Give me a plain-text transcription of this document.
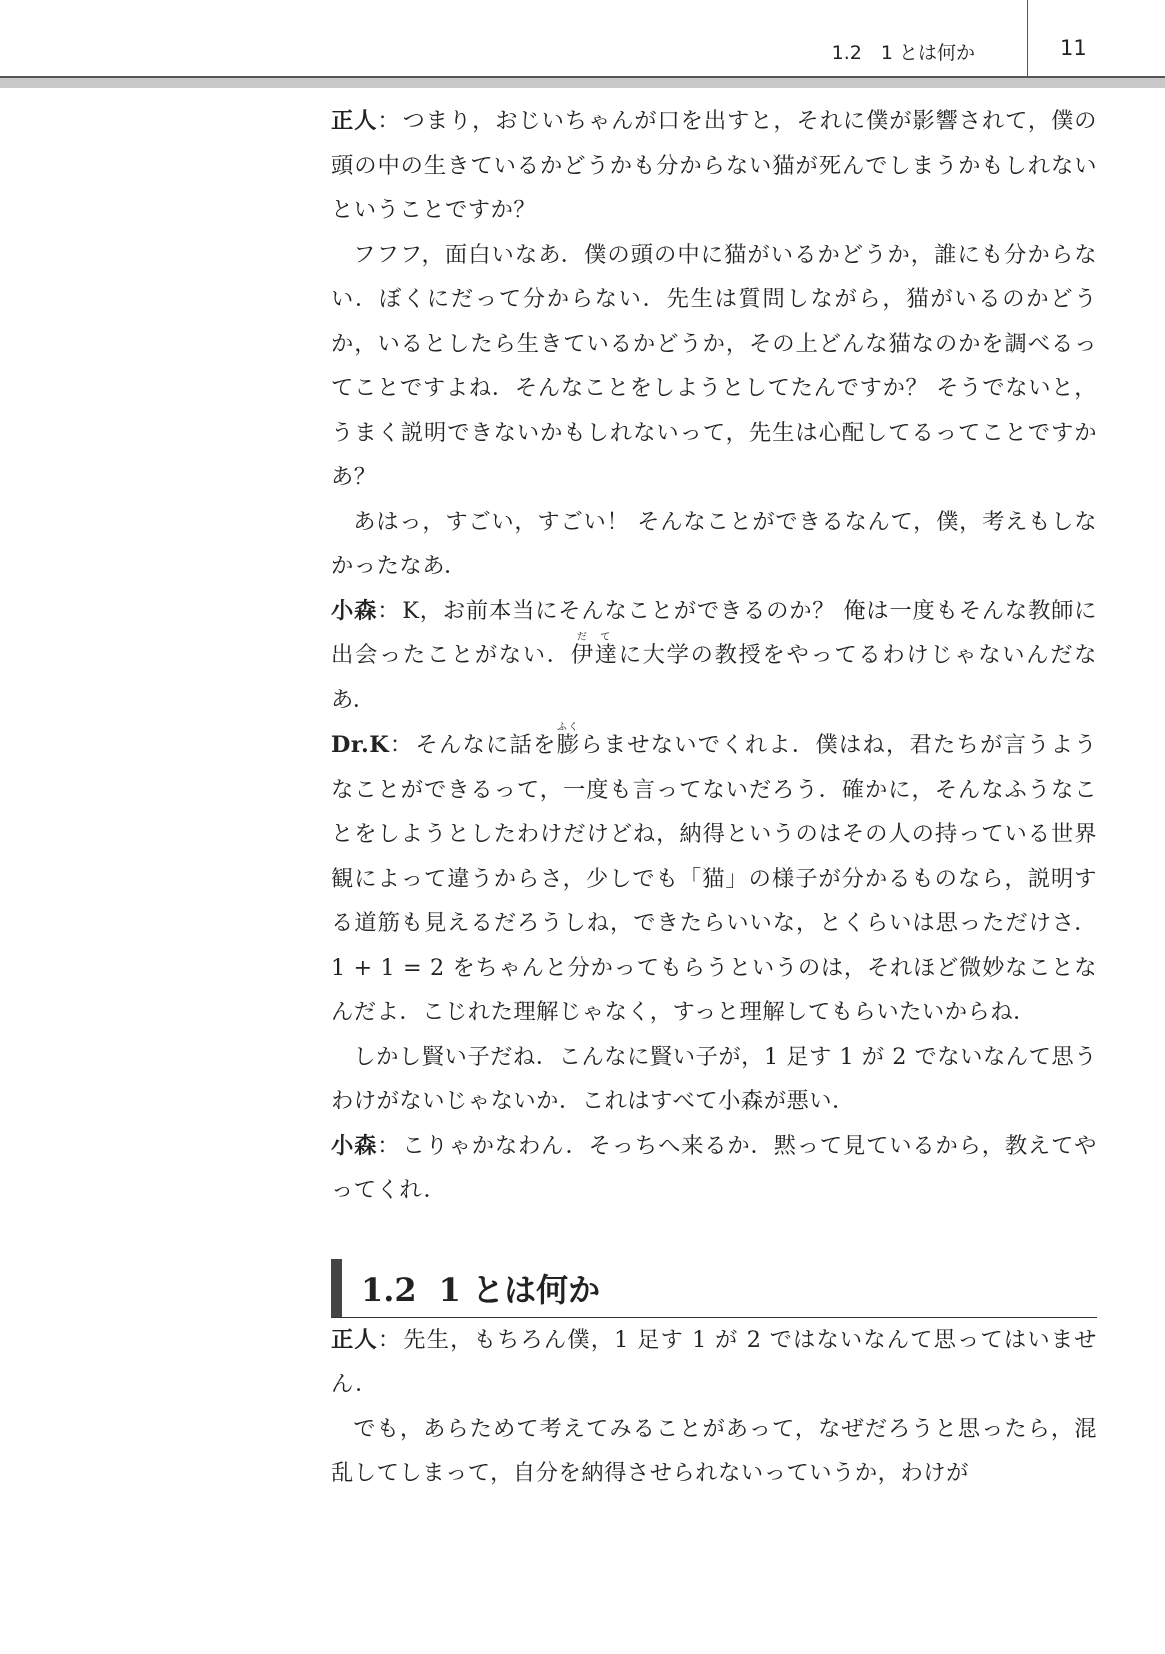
1.2　1 とは何か	11

正人：つまり，おじいちゃんが口を出すと，それに僕が影響されて，僕の頭の中の生きているかどうかも分からない猫が死んでしまうかもしれないということですか？

フフフ，面白いなあ．僕の頭の中に猫がいるかどうか，誰にも分からない．ぼくにだって分からない．先生は質問しながら，猫がいるのかどうか，いるとしたら生きているかどうか，その上どんな猫なのかを調べるってことですよね．そんなことをしようとしてたんですか？ そうでないと，うまく説明できないかもしれないって，先生は心配してるってことですかあ？

あはっ，すごい，すごい！ そんなことができるなんて，僕，考えもしなかったなあ．

小森：K，お前本当にそんなことができるのか？ 俺は一度もそんな教師に出会ったことがない．伊達だてに大学の教授をやってるわけじゃないんだなあ．

Dr.K：そんなに話を膨ふくらませないでくれよ．僕はね，君たちが言うようなことができるって，一度も言ってないだろう．確かに，そんなふうなことをしようとしたわけだけどね，納得というのはその人の持っている世界観によって違うからさ，少しでも「猫」の様子が分かるものなら，説明する道筋も見えるだろうしね，できたらいいな，とくらいは思っただけさ．1 + 1 = 2 をちゃんと分かってもらうというのは，それほど微妙なことなんだよ．こじれた理解じゃなく，すっと理解してもらいたいからね．

しかし賢い子だね．こんなに賢い子が，1 足す 1 が 2 でないなんて思うわけがないじゃないか．これはすべて小森が悪い．

小森：こりゃかなわん．そっちへ来るか．黙って見ているから，教えてやってくれ．

1.2 1 とは何か

正人：先生，もちろん僕，1 足す 1 が 2 ではないなんて思ってはいません．

でも，あらためて考えてみることがあって，なぜだろうと思ったら，混乱してしまって，自分を納得させられないっていうか，わけが
